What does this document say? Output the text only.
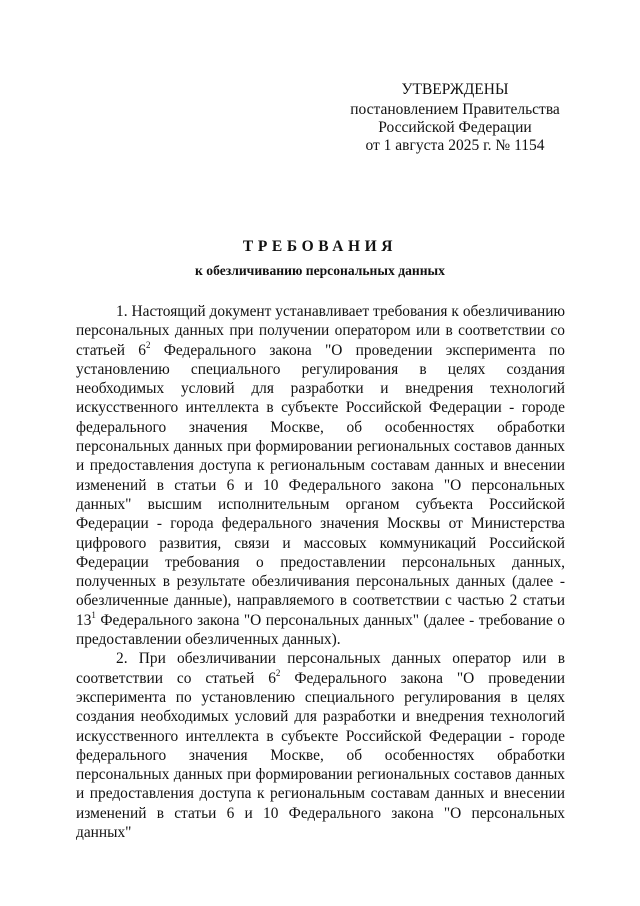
УТВЕРЖДЕНЫ
постановлением Правительства
Российской Федерации
от 1 августа 2025 г. № 1154
ТРЕБОВАНИЯ
к обезличиванию персональных данных

1. Настоящий документ устанавливает требования к обезличиванию персональных данных при получении оператором или в соответствии со статьей $6^2$ Федерального закона "О проведении эксперимента по установлению специального регулирования в целях создания необходимых условий для разработки и внедрения технологий искусственного интеллекта в субъекте Российской Федерации - городе федерального значения Москве, об особенностях обработки персональных данных при формировании региональных составов данных и предоставления доступа к региональным составам данных и внесении изменений в статьи 6 и 10 Федерального закона "О персональных данных" высшим исполнительным органом субъекта Российской Федерации - города федерального значения Москвы от Министерства цифрового развития, связи и массовых коммуникаций Российской Федерации требования о предоставлении персональных данных, полученных в результате обезличивания персональных данных (далее - обезличенные данные), направляемого в соответствии с частью 2 статьи $13^1$ Федерального закона "О персональных данных" (далее - требование о предоставлении обезличенных данных).

2. При обезличивании персональных данных оператор или в соответствии со статьей $6^2$ Федерального закона "О проведении эксперимента по установлению специального регулирования в целях создания необходимых условий для разработки и внедрения технологий искусственного интеллекта в субъекте Российской Федерации - городе федерального значения Москве, об особенностях обработки персональных данных при формировании региональных составов данных и предоставления доступа к региональным составам данных и внесении изменений в статьи 6 и 10 Федерального закона "О персональных данных"
